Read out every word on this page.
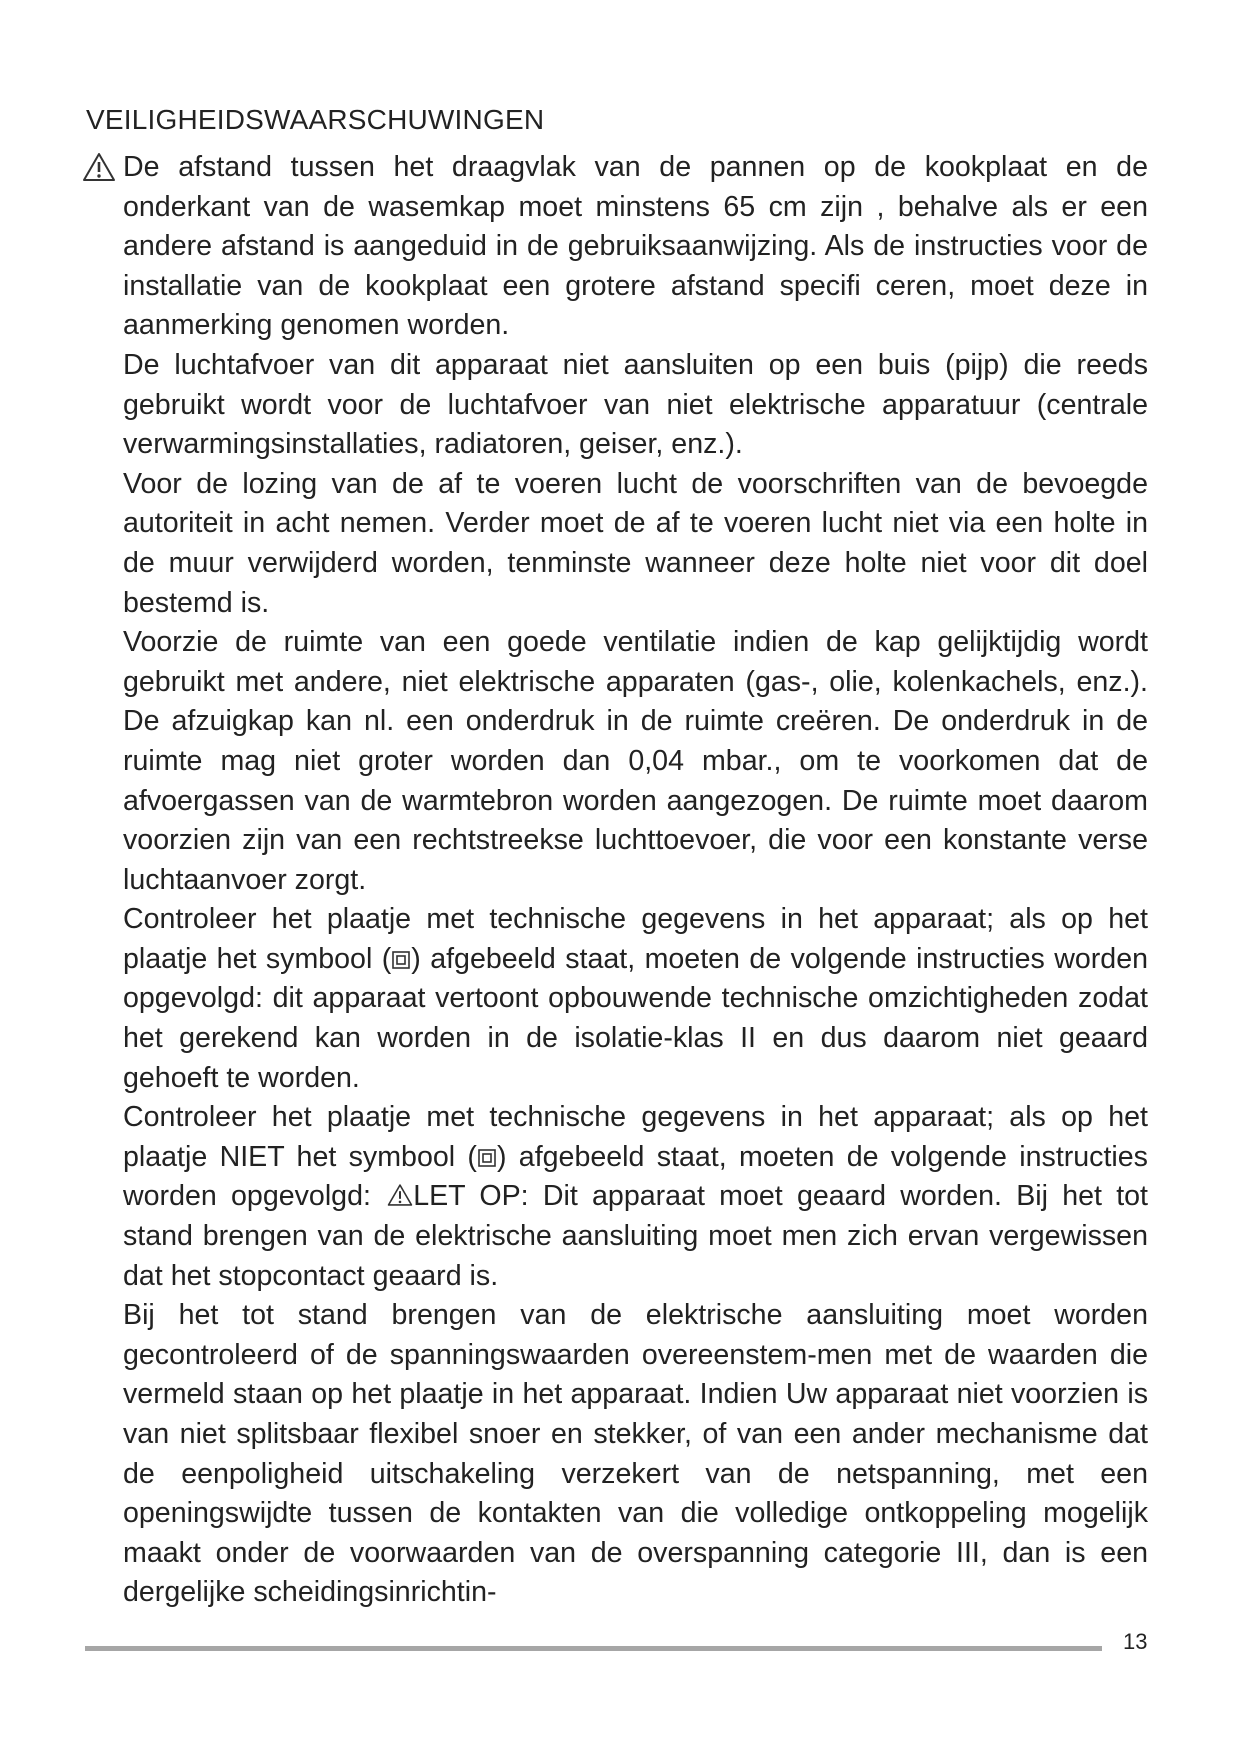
VEILIGHEIDSWAARSCHUWINGEN

De afstand tussen het draagvlak van de pannen op de kookplaat en de onderkant van de wasemkap moet minstens 65 cm zijn , behalve als er een andere afstand is aangeduid in de gebruiksaanwijzing. Als de instructies voor de installatie van de kookplaat een grotere afstand specifi ceren, moet deze in aanmerking genomen worden.

De luchtafvoer van dit apparaat niet aansluiten op een buis (pijp) die reeds gebruikt wordt voor de luchtafvoer van niet elektrische apparatuur (centrale verwarmingsinstallaties, radiatoren, geiser, enz.).

Voor de lozing van de af te voeren lucht de voorschriften van de bevoegde autoriteit in acht nemen. Verder moet de af te voeren lucht niet via een holte in de muur verwijderd worden, tenminste wanneer deze holte niet voor dit doel bestemd is.

Voorzie de ruimte van een goede ventilatie indien de kap gelijktijdig wordt gebruikt met andere, niet elektrische apparaten (gas-, olie, kolenkachels, enz.). De afzuigkap kan nl. een onderdruk in de ruimte creëren. De onderdruk in de ruimte mag niet groter worden dan 0,04 mbar., om te voorkomen dat de afvoergassen van de warmtebron worden aangezogen. De ruimte moet daarom voorzien zijn van een rechtstreekse luchttoevoer, die voor een konstante verse luchtaanvoer zorgt.

Controleer het plaatje met technische gegevens in het apparaat; als op het plaatje het symbool ( ) afgebeeld staat, moeten de volgende instructies worden opgevolgd: dit apparaat vertoont opbouwende technische omzichtigheden zodat het gerekend kan worden in de isolatie-klas II en dus daarom niet geaard gehoeft te worden.

Controleer het plaatje met technische gegevens in het apparaat; als op het plaatje NIET het symbool ( ) afgebeeld staat, moeten de volgende instructies worden opgevolgd: LET OP: Dit apparaat moet geaard worden. Bij het tot stand brengen van de elektrische aansluiting moet men zich ervan vergewissen dat het stopcontact geaard is.

Bij het tot stand brengen van de elektrische aansluiting moet worden gecontroleerd of de spanningswaarden overeenstem-men met de waarden die vermeld staan op het plaatje in het apparaat. Indien Uw apparaat niet voorzien is van niet splitsbaar flexibel snoer en stekker, of van een ander mechanisme dat de eenpoligheid uitschakeling verzekert van de netspanning, met een openingswijdte tussen de kontakten van die volledige ontkoppeling mogelijk maakt onder de voorwaarden van de overspanning categorie III, dan is een dergelijke scheidingsinrichtin-

13
